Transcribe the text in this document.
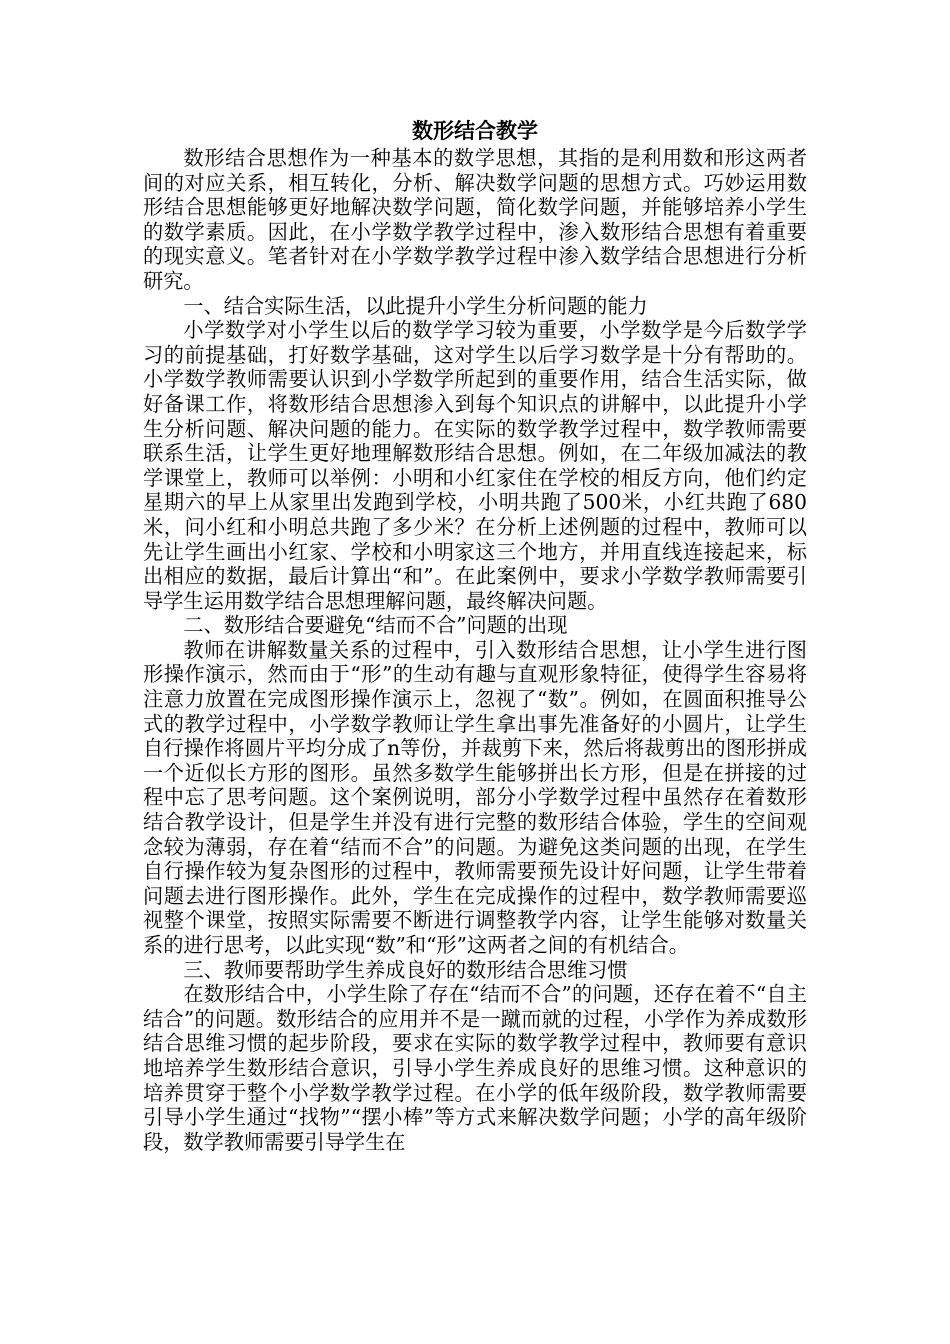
数形结合教学

数形结合思想作为一种基本的数学思想，其指的是利用数和形这两者间的对应关系，相互转化，分析、解决数学问题的思想方式。巧妙运用数形结合思想能够更好地解决数学问题，简化数学问题，并能够培养小学生的数学素质。因此，在小学数学教学过程中，渗入数形结合思想有着重要的现实意义。笔者针对在小学数学教学过程中渗入数学结合思想进行分析研究。

一、结合实际生活，以此提升小学生分析问题的能力

小学数学对小学生以后的数学学习较为重要，小学数学是今后数学学习的前提基础，打好数学基础，这对学生以后学习数学是十分有帮助的。小学数学教师需要认识到小学数学所起到的重要作用，结合生活实际，做好备课工作，将数形结合思想渗入到每个知识点的讲解中，以此提升小学生分析问题、解决问题的能力。在实际的数学教学过程中，数学教师需要联系生活，让学生更好地理解数形结合思想。例如，在二年级加减法的教学课堂上，教师可以举例：小明和小红家住在学校的相反方向，他们约定星期六的早上从家里出发跑到学校，小明共跑了500米，小红共跑了680米，问小红和小明总共跑了多少米？在分析上述例题的过程中，教师可以先让学生画出小红家、学校和小明家这三个地方，并用直线连接起来，标出相应的数据，最后计算出“和”。在此案例中，要求小学数学教师需要引导学生运用数学结合思想理解问题，最终解决问题。

二、数形结合要避免“结而不合”问题的出现

教师在讲解数量关系的过程中，引入数形结合思想，让小学生进行图形操作演示，然而由于“形”的生动有趣与直观形象特征，使得学生容易将注意力放置在完成图形操作演示上，忽视了“数”。例如，在圆面积推导公式的教学过程中，小学数学教师让学生拿出事先准备好的小圆片，让学生自行操作将圆片平均分成了n等份，并裁剪下来，然后将裁剪出的图形拼成一个近似长方形的图形。虽然多数学生能够拼出长方形，但是在拼接的过程中忘了思考问题。这个案例说明，部分小学数学过程中虽然存在着数形结合教学设计，但是学生并没有进行完整的数形结合体验，学生的空间观念较为薄弱，存在着“结而不合”的问题。为避免这类问题的出现，在学生自行操作较为复杂图形的过程中，教师需要预先设计好问题，让学生带着问题去进行图形操作。此外，学生在完成操作的过程中，数学教师需要巡视整个课堂，按照实际需要不断进行调整教学内容，让学生能够对数量关系的进行思考，以此实现“数”和“形”这两者之间的有机结合。

三、教师要帮助学生养成良好的数形结合思维习惯

在数形结合中，小学生除了存在“结而不合”的问题，还存在着不“自主结合”的问题。数形结合的应用并不是一蹴而就的过程，小学作为养成数形结合思维习惯的起步阶段，要求在实际的数学教学过程中，教师要有意识地培养学生数形结合意识，引导小学生养成良好的思维习惯。这种意识的培养贯穿于整个小学数学教学过程。在小学的低年级阶段，数学教师需要引导小学生通过“找物”“摆小棒”等方式来解决数学问题；小学的高年级阶段，数学教师需要引导学生在
